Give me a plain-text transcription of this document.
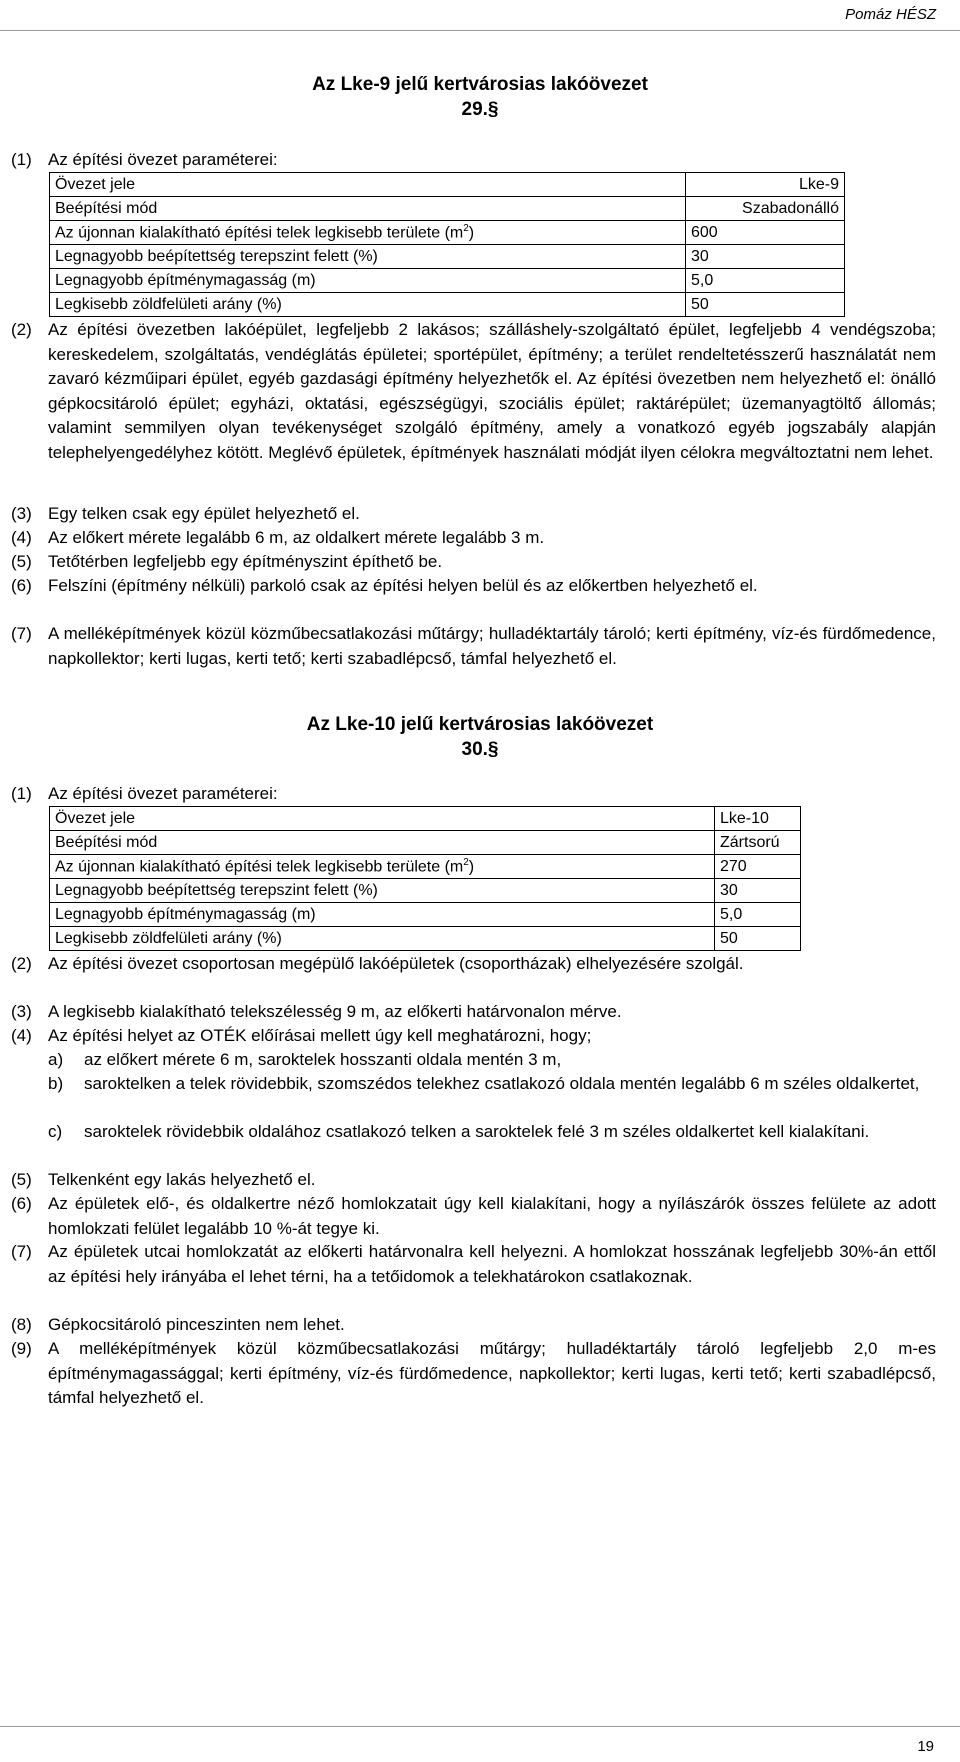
Pomáz HÉSZ
Az Lke-9 jelű kertvárosias lakóövezet
29.§
(1) Az építési övezet paraméterei:
Övezet jele	Lke-9
Beépítési mód	Szabadonálló
Az újonnan kialakítható építési telek legkisebb területe $(m^2)$	600
Legnagyobb beépítettség terepszint felett (%)	30
Legnagyobb építménymagasság (m)	5,0
Legkisebb zöldfelületi arány (%)	50
(2) Az építési övezetben lakóépület, legfeljebb 2 lakásos; szálláshely-szolgáltató épület, legfeljebb 4 vendégszoba; kereskedelem, szolgáltatás, vendéglátás épületei; sportépület, építmény; a terület rendeltetésszerű használatát nem zavaró kézműipari épület, egyéb gazdasági építmény helyezhetők el. Az építési övezetben nem helyezhető el: önálló gépkocsitároló épület; egyházi, oktatási, egészségügyi, szociális épület; raktárépület; üzemanyagtöltő állomás; valamint semmilyen olyan tevékenységet szolgáló építmény, amely a vonatkozó egyéb jogszabály alapján telephelyengedélyhez kötött. Meglévő épületek, építmények használati módját ilyen célokra megváltoztatni nem lehet.
(3) Egy telken csak egy épület helyezhető el.
(4) Az előkert mérete legalább 6 m, az oldalkert mérete legalább 3 m.
(5) Tetőtérben legfeljebb egy építményszint építhető be.
(6) Felszíni (építmény nélküli) parkoló csak az építési helyen belül és az előkertben helyezhető el.
(7) A melléképítmények közül közműbecsatlakozási műtárgy; hulladéktartály tároló; kerti építmény, víz-és fürdőmedence, napkollektor; kerti lugas, kerti tető; kerti szabadlépcső, támfal helyezhető el.
Az Lke-10 jelű kertvárosias lakóövezet
30.§
(1) Az építési övezet paraméterei:
Övezet jele	Lke-10
Beépítési mód	Zártsorú
Az újonnan kialakítható építési telek legkisebb területe $(m^2)$	270
Legnagyobb beépítettség terepszint felett (%)	30
Legnagyobb építménymagasság (m)	5,0
Legkisebb zöldfelületi arány (%)	50
(2) Az építési övezet csoportosan megépülő lakóépületek (csoportházak) elhelyezésére szolgál.
(3) A legkisebb kialakítható telekszélesség 9 m, az előkerti határvonalon mérve.
(4) Az építési helyet az OTÉK előírásai mellett úgy kell meghatározni, hogy;
a) az előkert mérete 6 m, saroktelek hosszanti oldala mentén 3 m,
b) saroktelken a telek rövidebbik, szomszédos telekhez csatlakozó oldala mentén legalább 6 m széles oldalkertet,
c) saroktelek rövidebbik oldalához csatlakozó telken a saroktelek felé 3 m széles oldalkertet kell kialakítani.
(5) Telkenként egy lakás helyezhető el.
(6) Az épületek elő-, és oldalkertre néző homlokzatait úgy kell kialakítani, hogy a nyílászárók összes felülete az adott homlokzati felület legalább 10 %-át tegye ki.
(7) Az épületek utcai homlokzatát az előkerti határvonalra kell helyezni. A homlokzat hosszának legfeljebb 30%-án ettől az építési hely irányába el lehet térni, ha a tetőidomok a telekhatárokon csatlakoznak.
(8) Gépkocsitároló pinceszinten nem lehet.
(9) A melléképítmények közül közműbecsatlakozási műtárgy; hulladéktartály tároló legfeljebb 2,0 m-es építménymagassággal; kerti építmény, víz-és fürdőmedence, napkollektor; kerti lugas, kerti tető; kerti szabadlépcső, támfal helyezhető el.
19
